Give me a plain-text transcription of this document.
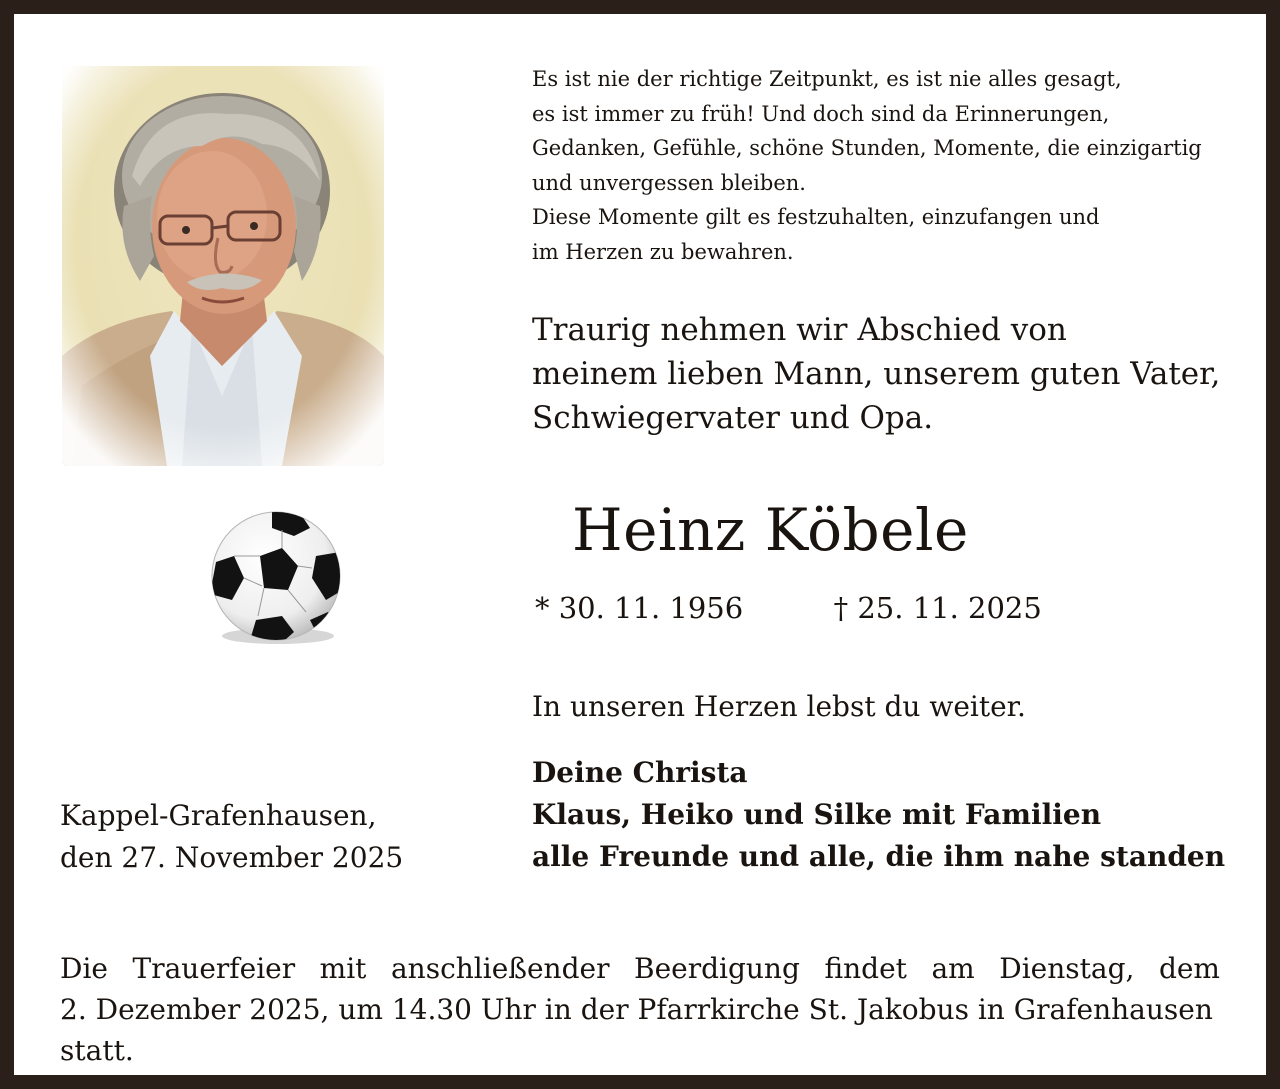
Es ist nie der richtige Zeitpunkt, es ist nie alles gesagt,
es ist immer zu früh! Und doch sind da Erinnerungen,
Gedanken, Gefühle, schöne Stunden, Momente, die einzigartig
und unvergessen bleiben.
Diese Momente gilt es festzuhalten, einzufangen und
im Herzen zu bewahren.
Traurig nehmen wir Abschied von
meinem lieben Mann, unserem guten Vater,
Schwiegervater und Opa.
Heinz Köbele
* 30. 11. 1956	† 25. 11. 2025
In unseren Herzen lebst du weiter.
Deine Christa
Klaus, Heiko und Silke mit Familien
alle Freunde und alle, die ihm nahe standen
Kappel-Grafenhausen,
den 27. November 2025
Die Trauerfeier mit anschließender Beerdigung findet am Dienstag, dem
2. Dezember 2025, um 14.30 Uhr in der Pfarrkirche St. Jakobus in Grafenhausen statt.
